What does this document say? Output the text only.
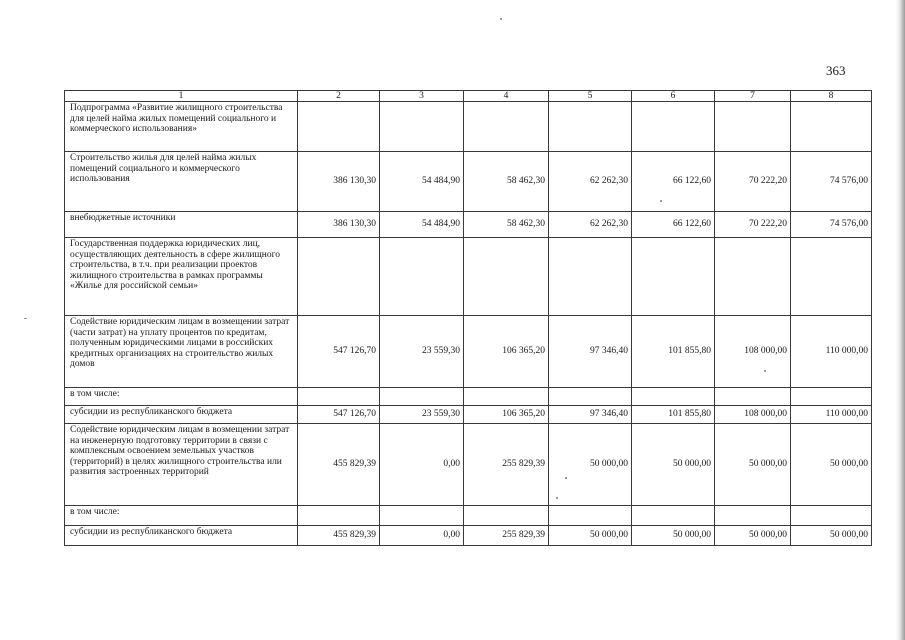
363
1	2	3	4	5	6	7	8
Подпрограмма «Развитие жилищного строительства для целей найма жилых помещений социального и коммерческого использования»							
Строительство жилья для целей найма жилых помещений социального и коммерческого использования	386 130,30	54 484,90	58 462,30	62 262,30	66 122,60	70 222,20	74 576,00
внебюджетные источники	386 130,30	54 484,90	58 462,30	62 262,30	66 122,60	70 222,20	74 576,00
Государственная поддержка юридических лиц, осуществляющих деятельность в сфере жилищного строительства, в т.ч. при реализации проектов жилищного строительства в рамках программы «Жилье для российской семьи»							
Содействие юридическим лицам в возмещении затрат (части затрат) на уплату процентов по кредитам, полученным юридическими лицами в российских кредитных организациях на строительство жилых домов	547 126,70	23 559,30	106 365,20	97 346,40	101 855,80	108 000,00	110 000,00
в том числе:							
субсидии из республиканского бюджета	547 126,70	23 559,30	106 365,20	97 346,40	101 855,80	108 000,00	110 000,00
Содействие юридическим лицам в возмещении затрат на инженерную подготовку территории в связи с комплексным освоением земельных участков (территорий) в целях жилищного строительства или развития застроенных территорий	455 829,39	0,00	255 829,39	50 000,00	50 000,00	50 000,00	50 000,00
в том числе:							
субсидии из республиканского бюджета	455 829,39	0,00	255 829,39	50 000,00	50 000,00	50 000,00	50 000,00
